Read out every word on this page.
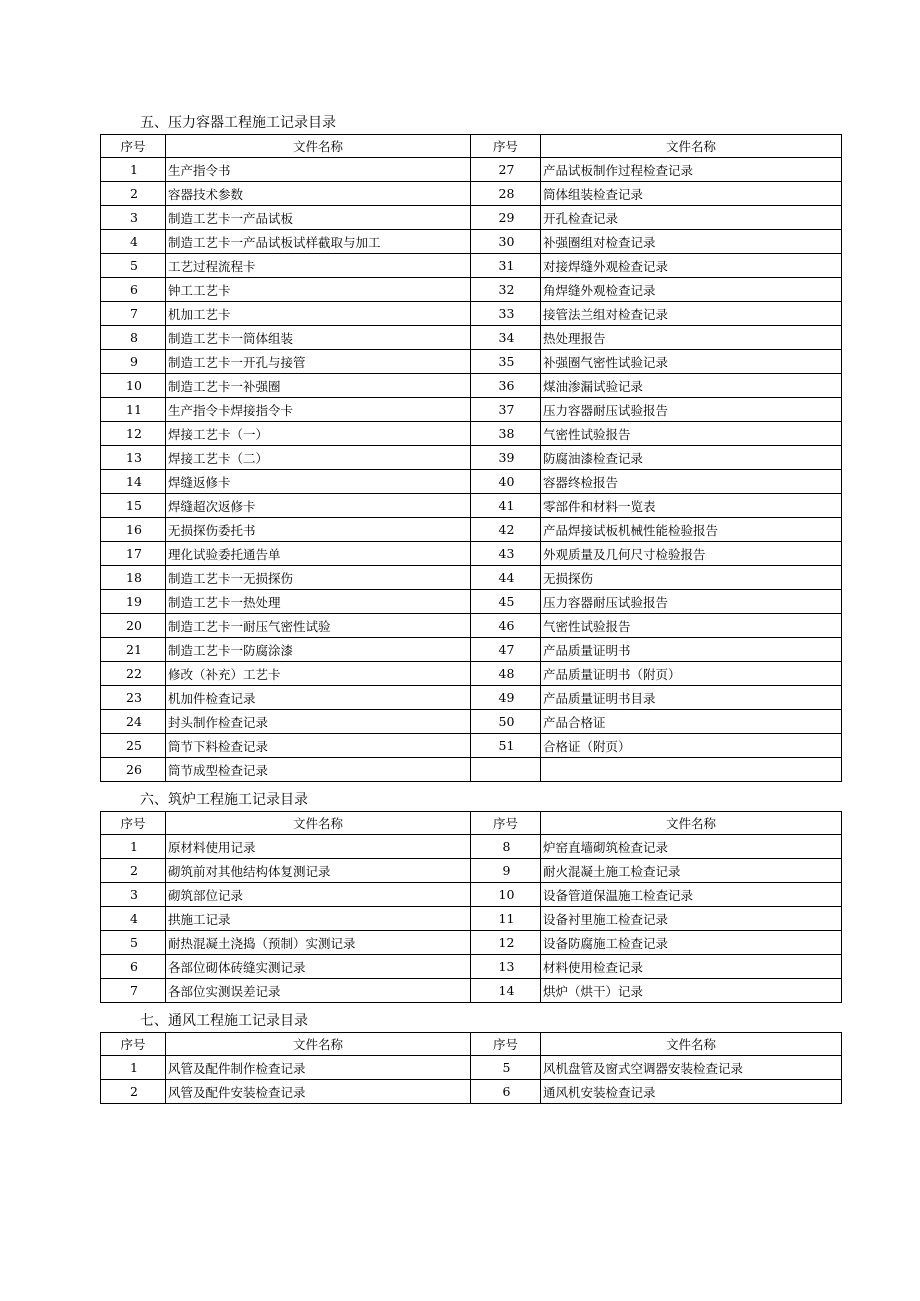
五、压力容器工程施工记录目录
序号	文件名称	序号	文件名称
1	生产指令书	27	产品试板制作过程检查记录
2	容器技术参数	28	筒体组装检查记录
3	制造工艺卡一产品试板	29	开孔检查记录
4	制造工艺卡一产品试板试样截取与加工	30	补强圈组对检查记录
5	工艺过程流程卡	31	对接焊缝外观检查记录
6	钟工工艺卡	32	角焊缝外观检查记录
7	机加工艺卡	33	接管法兰组对检查记录
8	制造工艺卡一筒体组装	34	热处理报告
9	制造工艺卡一开孔与接管	35	补强圈气密性试验记录
10	制造工艺卡一补强圈	36	煤油渗漏试验记录
11	生产指令卡焊接指令卡	37	压力容器耐压试验报告
12	焊接工艺卡（一）	38	气密性试验报告
13	焊接工艺卡（二）	39	防腐油漆检查记录
14	焊缝返修卡	40	容器终检报告
15	焊缝超次返修卡	41	零部件和材料一览表
16	无损探伤委托书	42	产品焊接试板机械性能检验报告
17	理化试验委托通告单	43	外观质量及几何尺寸检验报告
18	制造工艺卡一无损探伤	44	无损探伤
19	制造工艺卡一热处理	45	压力容器耐压试验报告
20	制造工艺卡一耐压气密性试验	46	气密性试验报告
21	制造工艺卡一防腐涂漆	47	产品质量证明书
22	修改（补充）工艺卡	48	产品质量证明书（附页）
23	机加件检查记录	49	产品质量证明书目录
24	封头制作检查记录	50	产品合格证
25	筒节下料检查记录	51	合格证（附页）
26	筒节成型检查记录		
六、筑炉工程施工记录目录
序号	文件名称	序号	文件名称
1	原材料使用记录	8	炉窑直墙砌筑检查记录
2	砌筑前对其他结构体复测记录	9	耐火混凝土施工检查记录
3	砌筑部位记录	10	设备管道保温施工检查记录
4	拱施工记录	11	设备衬里施工检查记录
5	耐热混凝土浇捣（预制）实测记录	12	设备防腐施工检查记录
6	各部位砌体砖缝实测记录	13	材料使用检查记录
7	各部位实测误差记录	14	烘炉（烘干）记录
七、通风工程施工记录目录
序号	文件名称	序号	文件名称
1	风管及配件制作检查记录	5	风机盘管及窗式空调器安装检查记录
2	风管及配件安装检查记录	6	通风机安装检查记录
